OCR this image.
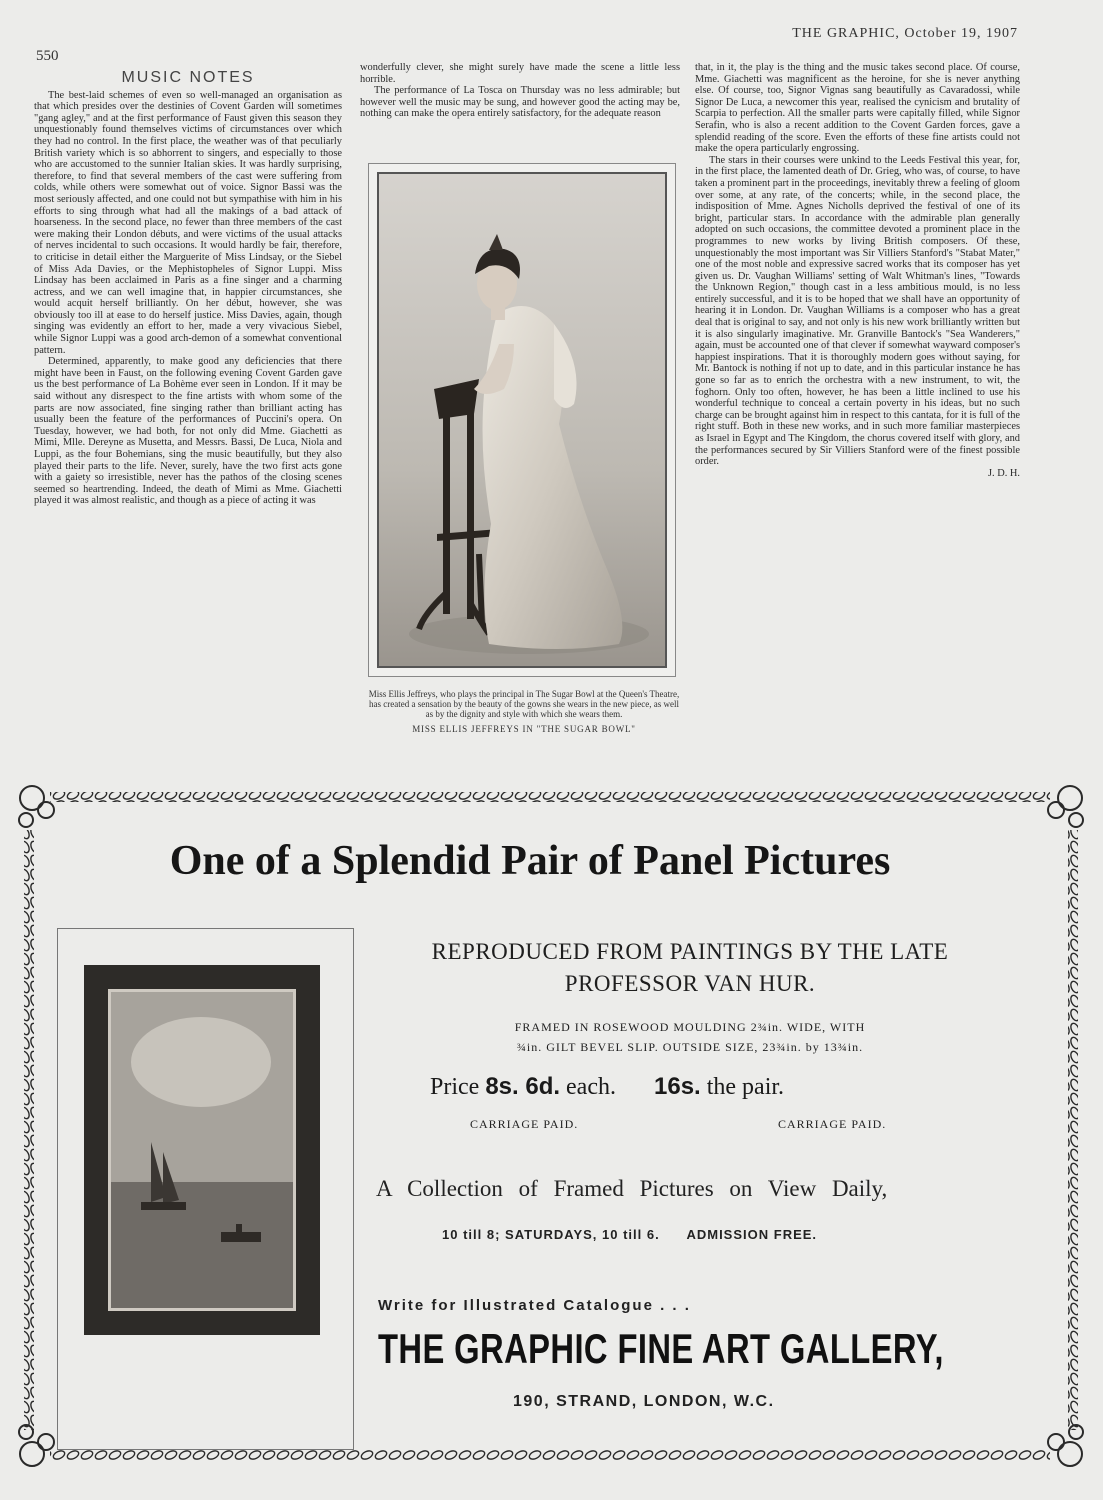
THE GRAPHIC, October 19, 1907
550
MUSIC NOTES

The best-laid schemes of even so well-managed an organisation as that which presides over the destinies of Covent Garden will sometimes "gang agley," and at the first performance of Faust given this season they unquestionably found themselves victims of circumstances over which they had no control. In the first place, the weather was of that peculiarly British variety which is so abhorrent to singers, and especially to those who are accustomed to the sunnier Italian skies. It was hardly surprising, therefore, to find that several members of the cast were suffering from colds, while others were somewhat out of voice. Signor Bassi was the most seriously affected, and one could not but sympathise with him in his efforts to sing through what had all the makings of a bad attack of hoarseness. In the second place, no fewer than three members of the cast were making their London débuts, and were victims of the usual attacks of nerves incidental to such occasions. It would hardly be fair, therefore, to criticise in detail either the Marguerite of Miss Lindsay, or the Siebel of Miss Ada Davies, or the Mephistopheles of Signor Luppi. Miss Lindsay has been acclaimed in Paris as a fine singer and a charming actress, and we can well imagine that, in happier circumstances, she would acquit herself brilliantly. On her début, however, she was obviously too ill at ease to do herself justice. Miss Davies, again, though singing was evidently an effort to her, made a very vivacious Siebel, while Signor Luppi was a good arch-demon of a somewhat conventional pattern.

Determined, apparently, to make good any deficiencies that there might have been in Faust, on the following evening Covent Garden gave us the best performance of La Bohème ever seen in London. If it may be said without any disrespect to the fine artists with whom some of the parts are now associated, fine singing rather than brilliant acting has usually been the feature of the performances of Puccini's opera. On Tuesday, however, we had both, for not only did Mme. Giachetti as Mimi, Mlle. Dereyne as Musetta, and Messrs. Bassi, De Luca, Niola and Luppi, as the four Bohemians, sing the music beautifully, but they also played their parts to the life. Never, surely, have the two first acts gone with a gaiety so irresistible, never has the pathos of the closing scenes seemed so heartrending. Indeed, the death of Mimi as Mme. Giachetti played it was almost realistic, and though as a piece of acting it was

wonderfully clever, she might surely have made the scene a little less horrible.

The performance of La Tosca on Thursday was no less admirable; but however well the music may be sung, and however good the acting may be, nothing can make the opera entirely satisfactory, for the adequate reason

Miss Ellis Jeffreys, who plays the principal in The Sugar Bowl at the Queen's Theatre, has created a sensation by the beauty of the gowns she wears in the new piece, as well as by the dignity and style with which she wears them.
MISS ELLIS JEFFREYS IN "THE SUGAR BOWL"

that, in it, the play is the thing and the music takes second place. Of course, Mme. Giachetti was magnificent as the heroine, for she is never anything else. Of course, too, Signor Vignas sang beautifully as Cavaradossi, while Signor De Luca, a newcomer this year, realised the cynicism and brutality of Scarpia to perfection. All the smaller parts were capitally filled, while Signor Serafin, who is also a recent addition to the Covent Garden forces, gave a splendid reading of the score. Even the efforts of these fine artists could not make the opera particularly engrossing.

The stars in their courses were unkind to the Leeds Festival this year, for, in the first place, the lamented death of Dr. Grieg, who was, of course, to have taken a prominent part in the proceedings, inevitably threw a feeling of gloom over some, at any rate, of the concerts; while, in the second place, the indisposition of Mme. Agnes Nicholls deprived the festival of one of its bright, particular stars. In accordance with the admirable plan generally adopted on such occasions, the committee devoted a prominent place in the programmes to new works by living British composers. Of these, unquestionably the most important was Sir Villiers Stanford's "Stabat Mater," one of the most noble and expressive sacred works that its composer has yet given us. Dr. Vaughan Williams' setting of Walt Whitman's lines, "Towards the Unknown Region," though cast in a less ambitious mould, is no less entirely successful, and it is to be hoped that we shall have an opportunity of hearing it in London. Dr. Vaughan Williams is a composer who has a great deal that is original to say, and not only is his new work brilliantly written but it is also singularly imaginative. Mr. Granville Bantock's "Sea Wanderers," again, must be accounted one of that clever if somewhat wayward composer's happiest inspirations. That it is thoroughly modern goes without saying, for Mr. Bantock is nothing if not up to date, and in this particular instance he has gone so far as to enrich the orchestra with a new instrument, to wit, the foghorn. Only too often, however, he has been a little inclined to use his wonderful technique to conceal a certain poverty in his ideas, but no such charge can be brought against him in respect to this cantata, for it is full of the right stuff. Both in these new works, and in such more familiar masterpieces as Israel in Egypt and The Kingdom, the chorus covered itself with glory, and the performances secured by Sir Villiers Stanford were of the finest possible order.

J. D. H.
One of a Splendid Pair of Panel Pictures
REPRODUCED FROM PAINTINGS BY THE LATE
PROFESSOR VAN HUR.
FRAMED IN ROSEWOOD MOULDING 2¾in. WIDE, WITH
¾in. GILT BEVEL SLIP. OUTSIDE SIZE, 23¾in. by 13¾in.
Price 8s. 6d. each. 16s. the pair.
CARRIAGE PAID.	CARRIAGE PAID.
A Collection of Framed Pictures on View Daily,
10 till 8; SATURDAYS, 10 till 6. ADMISSION FREE.
Write for Illustrated Catalogue . . .
THE GRAPHIC FINE ART GALLERY,
190, STRAND, LONDON, W.C.
